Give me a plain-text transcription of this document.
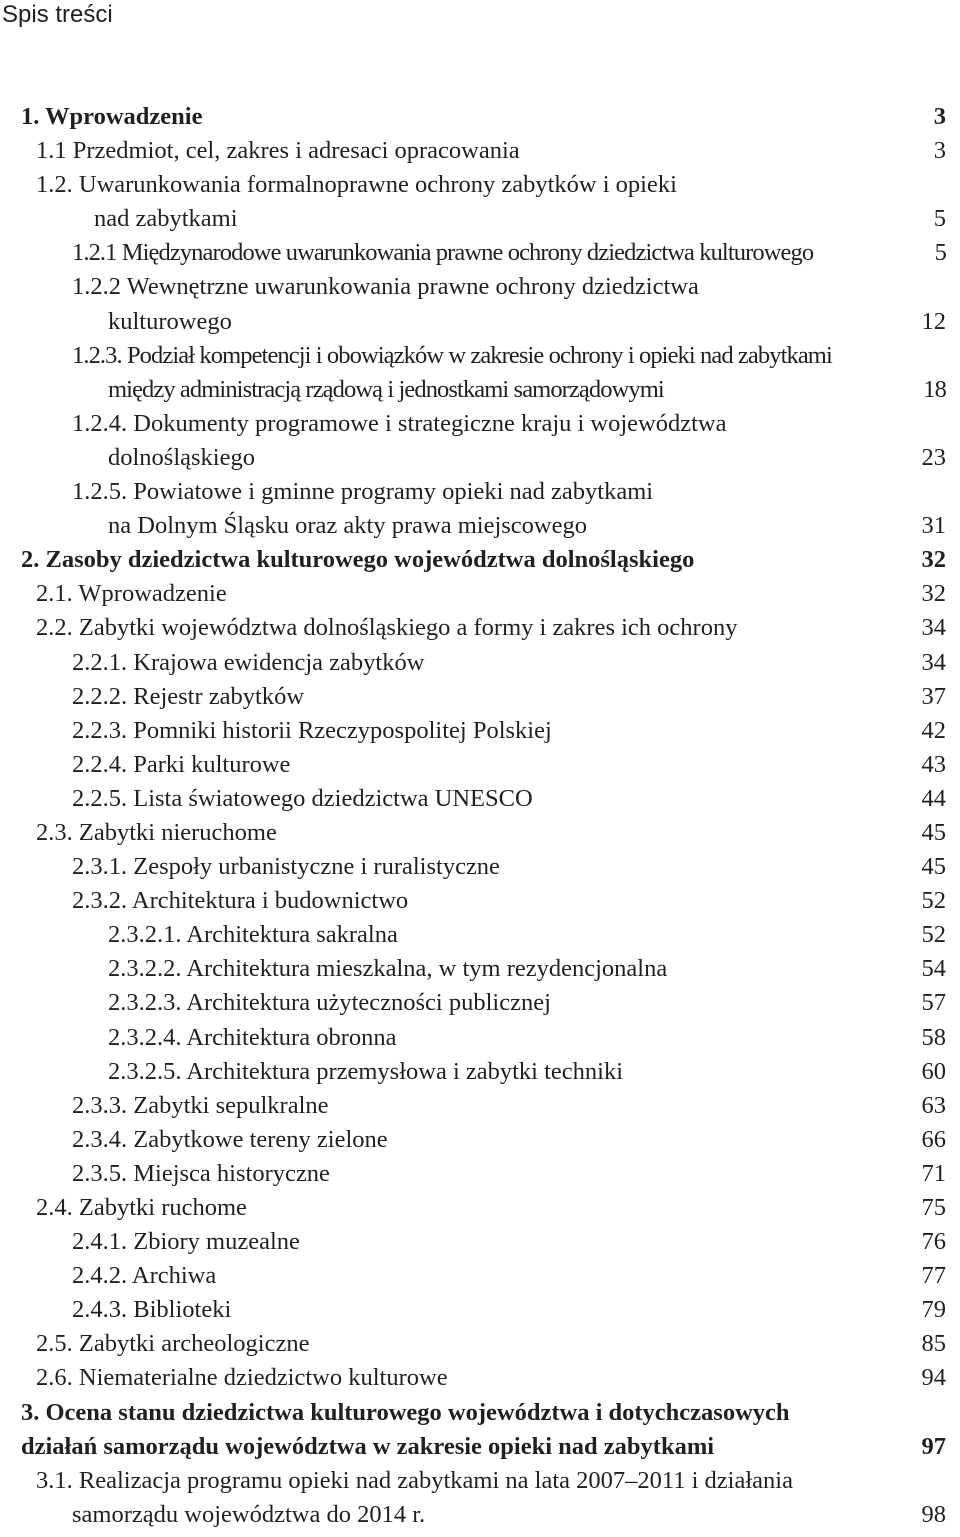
Spis treści
1. Wprowadzenie	3
1.1 Przedmiot, cel, zakres i adresaci opracowania	3
1.2. Uwarunkowania formalnoprawne ochrony zabytków i opieki
nad zabytkami	5
1.2.1 Międzynarodowe uwarunkowania prawne ochrony dziedzictwa kulturowego	5
1.2.2 Wewnętrzne uwarunkowania prawne ochrony dziedzictwa
kulturowego	12
1.2.3. Podział kompetencji i obowiązków w zakresie ochrony i opieki nad zabytkami
między administracją rządową i jednostkami samorządowymi	18
1.2.4. Dokumenty programowe i strategiczne kraju i województwa
dolnośląskiego	23
1.2.5. Powiatowe i gminne programy opieki nad zabytkami
na Dolnym Śląsku oraz akty prawa miejscowego	31
2. Zasoby dziedzictwa kulturowego województwa dolnośląskiego	32
2.1. Wprowadzenie	32
2.2. Zabytki województwa dolnośląskiego a formy i zakres ich ochrony	34
2.2.1. Krajowa ewidencja zabytków	34
2.2.2. Rejestr zabytków	37
2.2.3. Pomniki historii Rzeczypospolitej Polskiej	42
2.2.4. Parki kulturowe	43
2.2.5. Lista światowego dziedzictwa UNESCO	44
2.3. Zabytki nieruchome	45
2.3.1. Zespoły urbanistyczne i ruralistyczne	45
2.3.2. Architektura i budownictwo	52
2.3.2.1. Architektura sakralna	52
2.3.2.2. Architektura mieszkalna, w tym rezydencjonalna	54
2.3.2.3. Architektura użyteczności publicznej	57
2.3.2.4. Architektura obronna	58
2.3.2.5. Architektura przemysłowa i zabytki techniki	60
2.3.3. Zabytki sepulkralne	63
2.3.4. Zabytkowe tereny zielone	66
2.3.5. Miejsca historyczne	71
2.4. Zabytki ruchome	75
2.4.1. Zbiory muzealne	76
2.4.2. Archiwa	77
2.4.3. Biblioteki	79
2.5. Zabytki archeologiczne	85
2.6. Niematerialne dziedzictwo kulturowe	94
3. Ocena stanu dziedzictwa kulturowego województwa i dotychczasowych
działań samorządu województwa w zakresie opieki nad zabytkami	97
3.1. Realizacja programu opieki nad zabytkami na lata 2007–2011 i działania
samorządu województwa do 2014 r.	98
